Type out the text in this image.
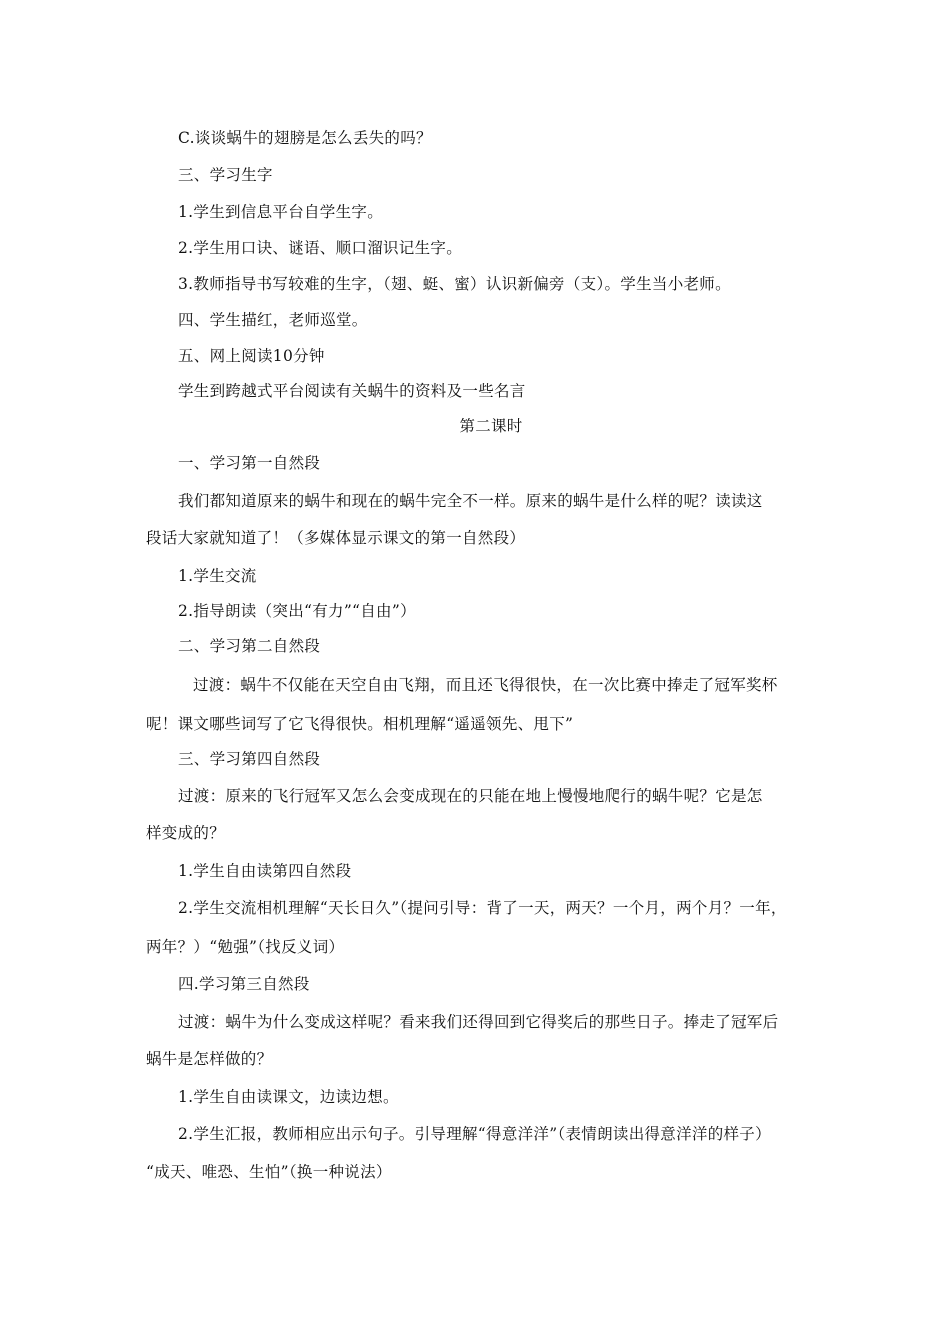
C.谈谈蜗牛的翅膀是怎么丢失的吗？
三、学习生字
1.学生到信息平台自学生字。
2.学生用口诀、谜语、顺口溜识记生字。
3.教师指导书写较难的生字，（翅、蜓、蜜）认识新偏旁（支）。学生当小老师。
四、学生描红，老师巡堂。
五、网上阅读10分钟
学生到跨越式平台阅读有关蜗牛的资料及一些名言
第二课时
一、学习第一自然段
我们都知道原来的蜗牛和现在的蜗牛完全不一样。原来的蜗牛是什么样的呢？读读这
段话大家就知道了！（多媒体显示课文的第一自然段）
1.学生交流
2.指导朗读（突出“有力”“自由”）
二、学习第二自然段
过渡：蜗牛不仅能在天空自由飞翔，而且还飞得很快，在一次比赛中捧走了冠军奖杯
呢！课文哪些词写了它飞得很快。相机理解“遥遥领先、甩下”
三、学习第四自然段
过渡：原来的飞行冠军又怎么会变成现在的只能在地上慢慢地爬行的蜗牛呢？它是怎
样变成的？
1.学生自由读第四自然段
2.学生交流相机理解“天长日久”（提问引导：背了一天，两天？一个月，两个月？一年，
两年？）“勉强”（找反义词）
四.学习第三自然段
过渡：蜗牛为什么变成这样呢？看来我们还得回到它得奖后的那些日子。捧走了冠军后
蜗牛是怎样做的？
1.学生自由读课文，边读边想。
2.学生汇报，教师相应出示句子。引导理解“得意洋洋”（表情朗读出得意洋洋的样子）
“成天、唯恐、生怕”（换一种说法）
